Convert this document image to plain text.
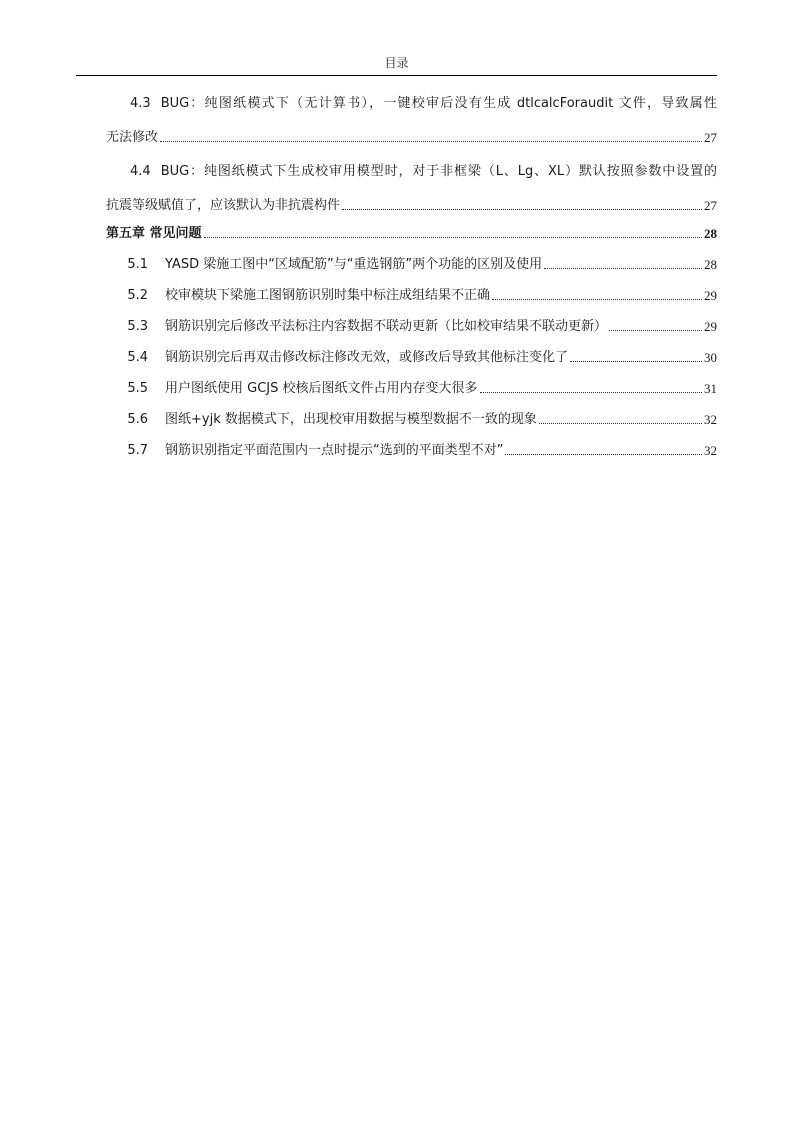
目录
4.3 BUG：纯图纸模式下（无计算书），一键校审后没有生成 dtlcalcForaudit 文件，导致属性
无法修改	27
4.4 BUG：纯图纸模式下生成校审用模型时，对于非框梁（L、Lg、XL）默认按照参数中设置的
抗震等级赋值了，应该默认为非抗震构件	27
第五章 常见问题	28
5.1 YASD 梁施工图中“区域配筋”与“重选钢筋”两个功能的区别及使用	28
5.2 校审模块下梁施工图钢筋识别时集中标注成组结果不正确	29
5.3 钢筋识别完后修改平法标注内容数据不联动更新（比如校审结果不联动更新）	29
5.4 钢筋识别完后再双击修改标注修改无效，或修改后导致其他标注变化了	30
5.5 用户图纸使用 GCJS 校核后图纸文件占用内存变大很多	31
5.6 图纸+yjk 数据模式下，出现校审用数据与模型数据不一致的现象	32
5.7 钢筋识别指定平面范围内一点时提示“选到的平面类型不对”	32
